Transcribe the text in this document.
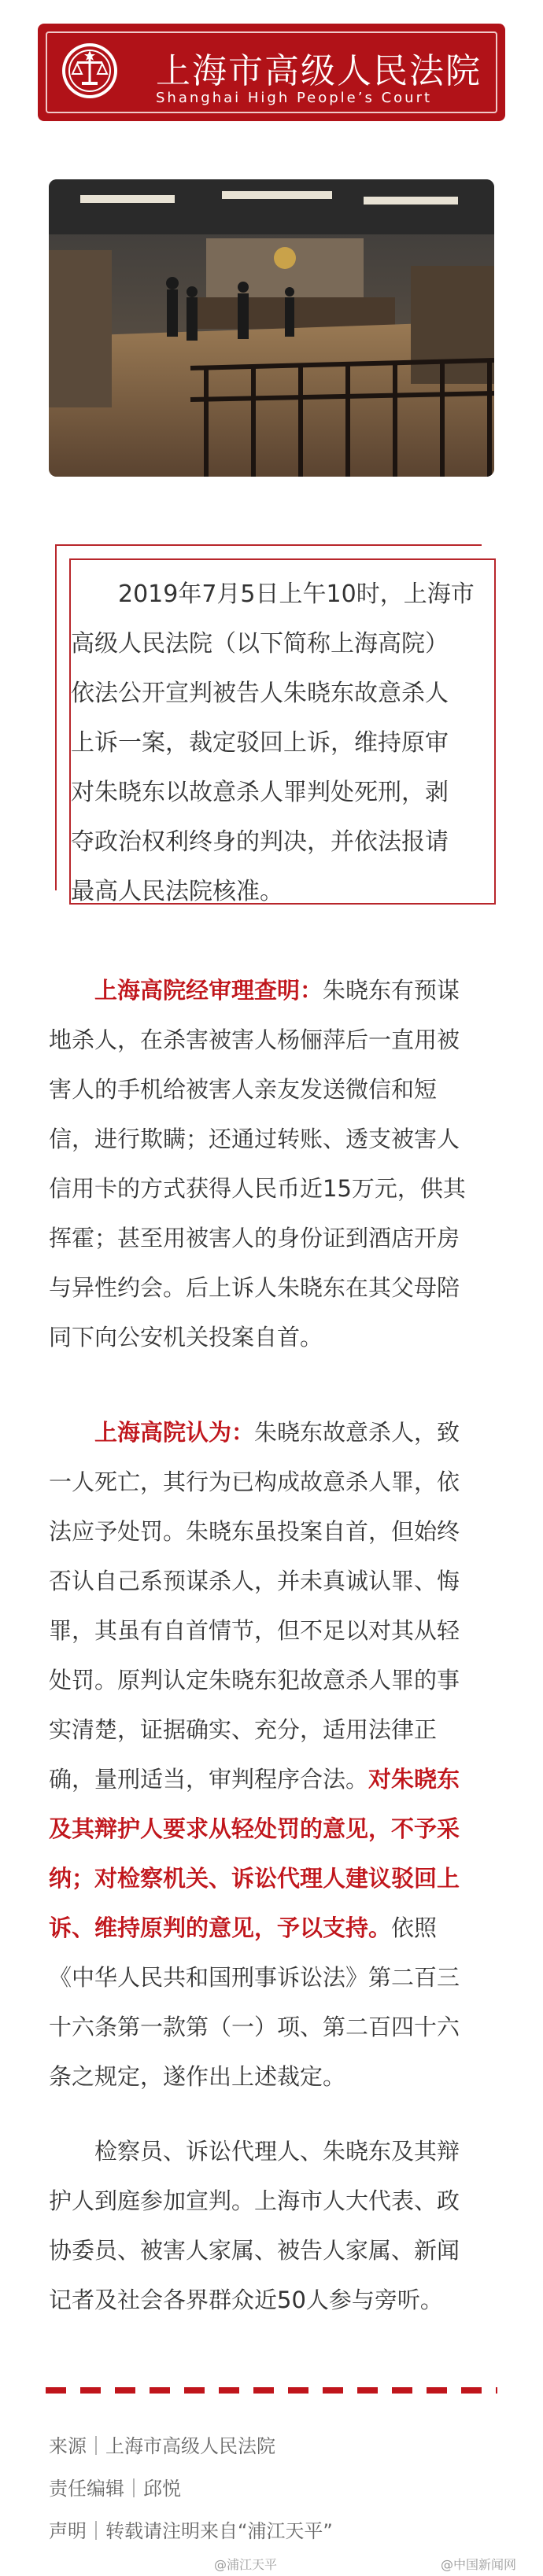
上海市高级人民法院
Shanghai High People’s Court

　　2019年7月5日上午10时，上海市

高级人民法院（以下简称上海高院）

依法公开宣判被告人朱晓东故意杀人

上诉一案，裁定驳回上诉，维持原审

对朱晓东以故意杀人罪判处死刑，剥

夺政治权利终身的判决，并依法报请

最高人民法院核准。

　　上海高院经审理查明：朱晓东有预谋

地杀人，在杀害被害人杨俪萍后一直用被

害人的手机给被害人亲友发送微信和短

信，进行欺瞒；还通过转账、透支被害人

信用卡的方式获得人民币近15万元，供其

挥霍；甚至用被害人的身份证到酒店开房

与异性约会。后上诉人朱晓东在其父母陪

同下向公安机关投案自首。

　　上海高院认为：朱晓东故意杀人，致

一人死亡，其行为已构成故意杀人罪，依

法应予处罚。朱晓东虽投案自首，但始终

否认自己系预谋杀人，并未真诚认罪、悔

罪，其虽有自首情节，但不足以对其从轻

处罚。原判认定朱晓东犯故意杀人罪的事

实清楚，证据确实、充分，适用法律正

确，量刑适当，审判程序合法。对朱晓东

及其辩护人要求从轻处罚的意见，不予采

纳；对检察机关、诉讼代理人建议驳回上

诉、维持原判的意见，予以支持。依照

《中华人民共和国刑事诉讼法》第二百三

十六条第一款第（一）项、第二百四十六

条之规定，遂作出上述裁定。

　　检察员、诉讼代理人、朱晓东及其辩

护人到庭参加宣判。上海市人大代表、政

协委员、被害人家属、被告人家属、新闻

记者及社会各界群众近50人参与旁听。

来源｜上海市高级人民法院
责任编辑｜邱悦
声明｜转载请注明来自“浦江天平”
@浦江天平	@中国新闻网
